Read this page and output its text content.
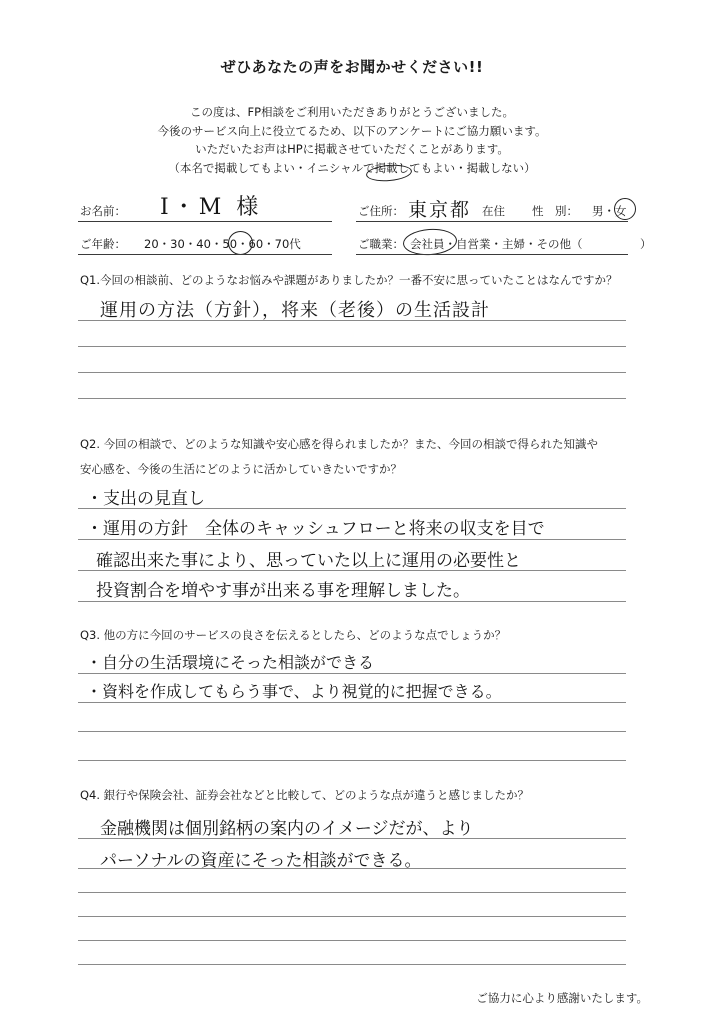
ぜひあなたの声をお聞かせください!!
この度は、FP相談をご利用いただきありがとうございました。
今後のサービス向上に役立てるため、以下のアンケートにご協力願います。
いただいたお声はHPに掲載させていただくことがあります。
（本名で掲載してもよい・イニシャルで掲載してもよい・掲載しない）
お名前： I・M 様	ご住所： 東京都 在住 性　別： 男・女
ご年齢： 20・30・40・50・60・70代	ご職業： 会社員・自営業・主婦・その他（　　　　　）
Q1.今回の相談前、どのようなお悩みや課題がありましたか？一番不安に思っていたことはなんですか？
運用の方法（方針），将来（老後）の生活設計
Q2. 今回の相談で、どのような知識や安心感を得られましたか？また、今回の相談で得られた知識や
安心感を、今後の生活にどのように活かしていきたいですか？
・支出の見直し
・運用の方針　全体のキャッシュフローと将来の収支を目で
確認出来た事により、思っていた以上に運用の必要性と
投資割合を増やす事が出来る事を理解しました。
Q3. 他の方に今回のサービスの良さを伝えるとしたら、どのような点でしょうか？
・自分の生活環境にそった相談ができる
・資料を作成してもらう事で、より視覚的に把握できる。
Q4. 銀行や保険会社、証券会社などと比較して、どのような点が違うと感じましたか？
金融機関は個別銘柄の案内のイメージだが、より
パーソナルの資産にそった相談ができる。
ご協力に心より感謝いたします。
